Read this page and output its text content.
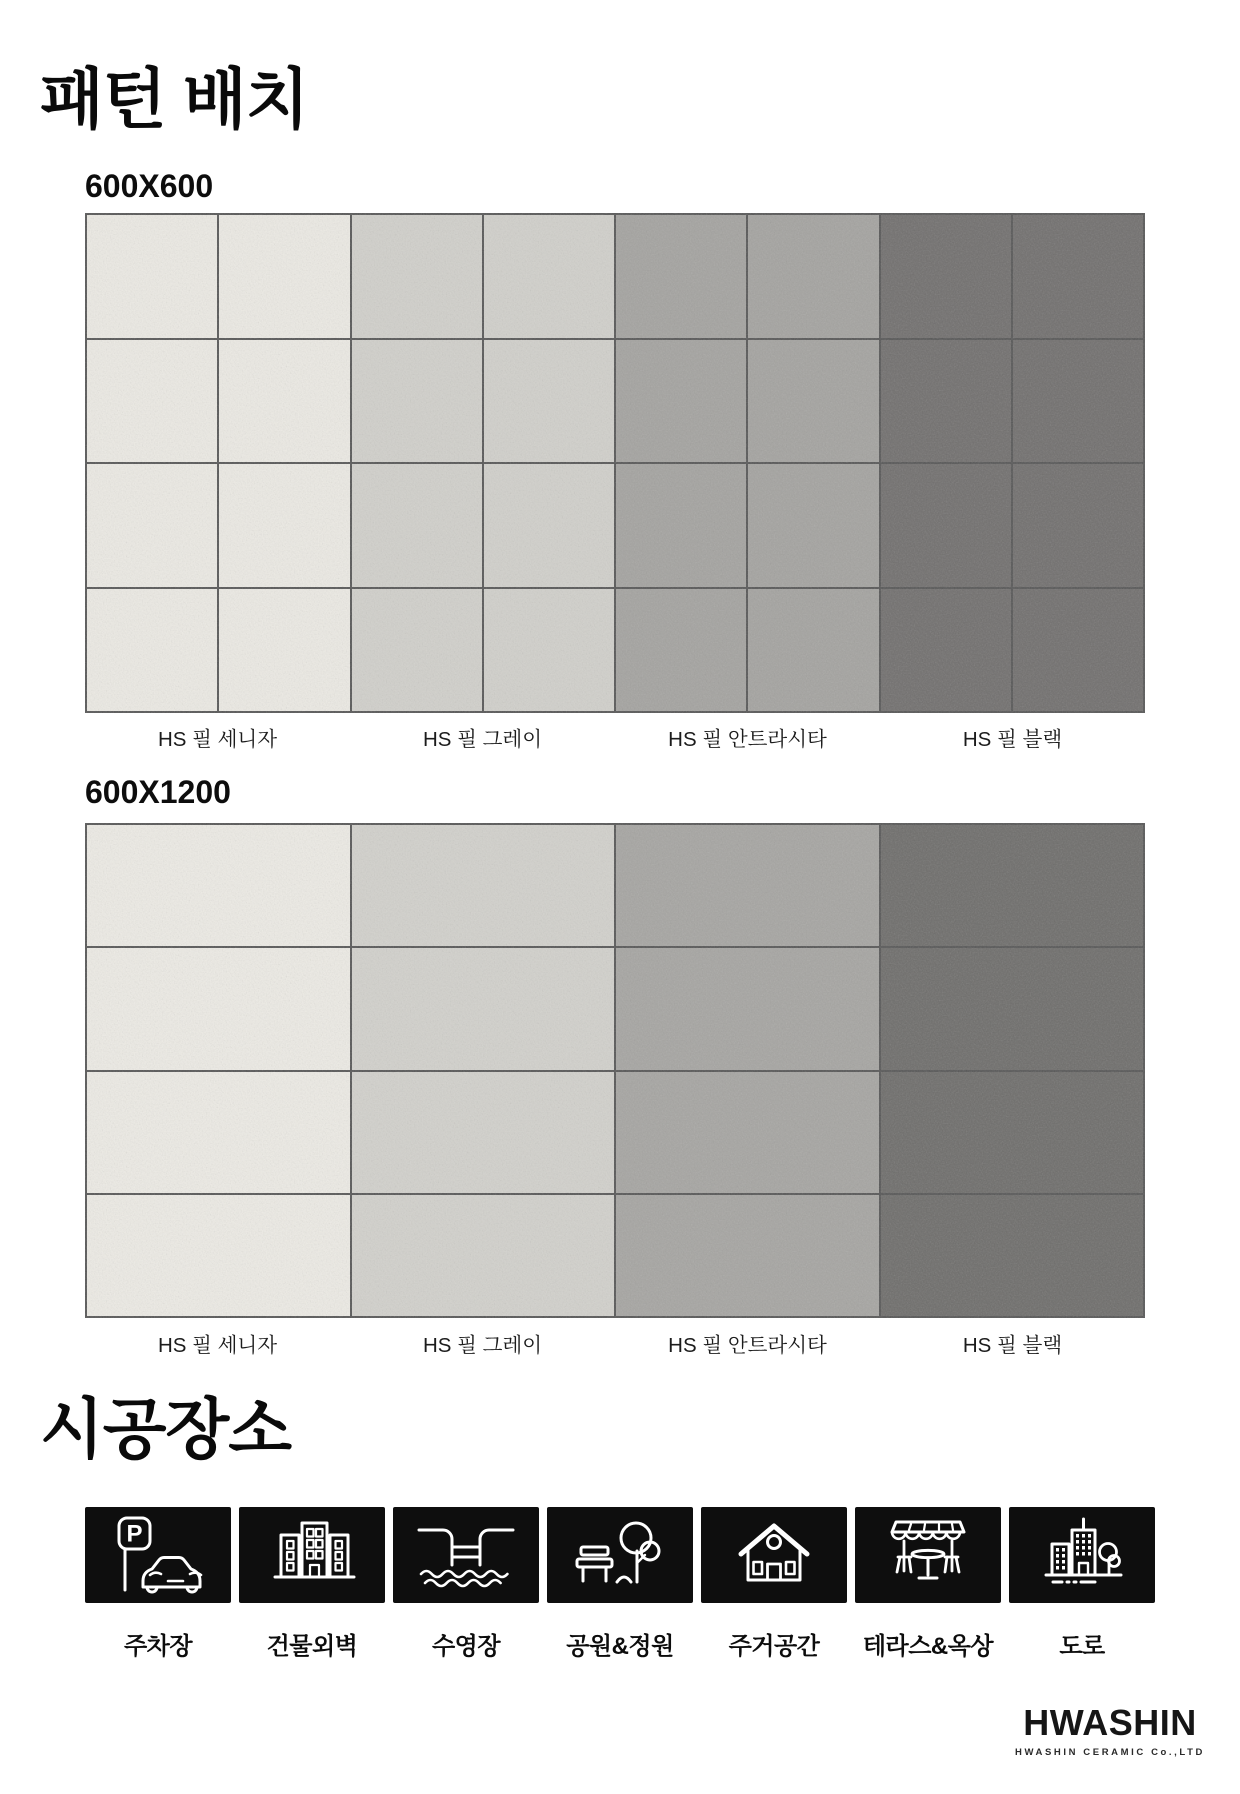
패턴 배치
600X600
HS 필 세니자	HS 필 그레이	HS 필 안트라시타	HS 필 블랙
600X1200
HS 필 세니자	HS 필 그레이	HS 필 안트라시타	HS 필 블랙
시공장소
P
주차장	건물외벽	수영장	공원&정원	주거공간	테라스&옥상	도로
HWASHIN
HWASHIN CERAMIC Co.,LTD
